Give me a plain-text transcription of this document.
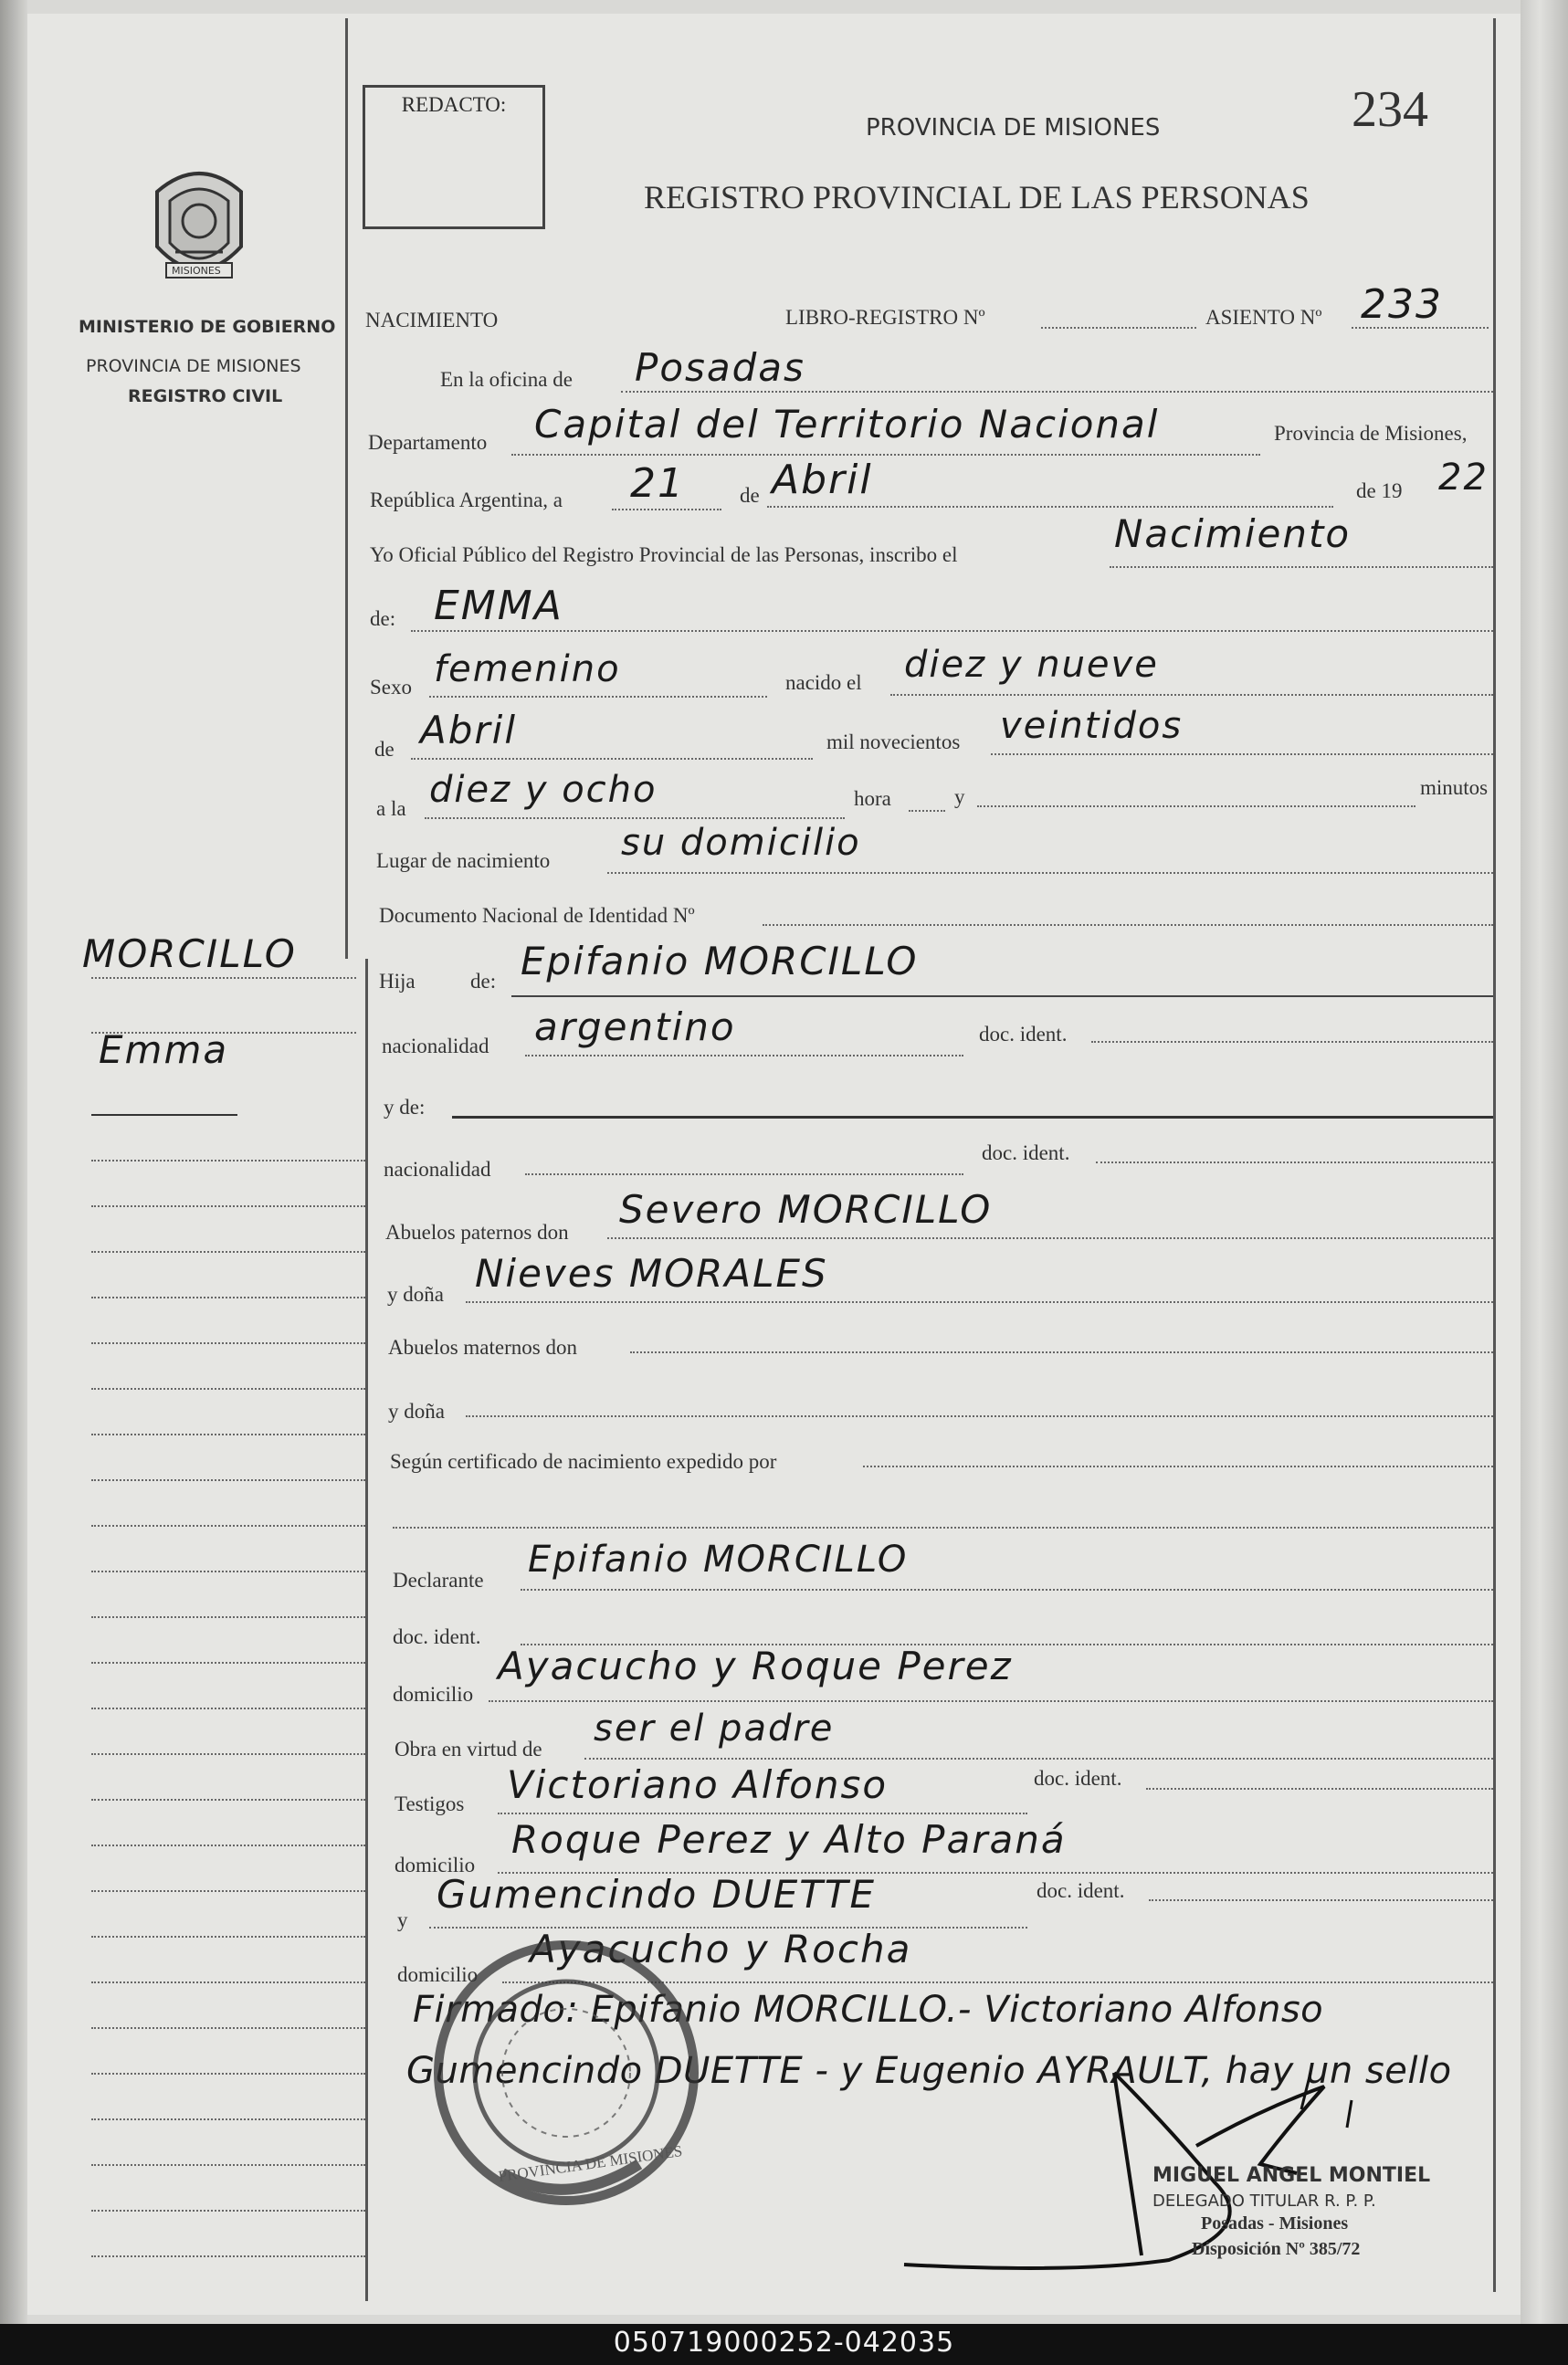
234
REDACTO:
PROVINCIA DE MISIONES
REGISTRO PROVINCIAL DE LAS PERSONAS
MISIONES
MINISTERIO DE GOBIERNO
PROVINCIA DE MISIONES
REGISTRO CIVIL
MORCILLO
Emma
NACIMIENTO	LIBRO-REGISTRO Nº	ASIENTO Nº 233
En la oficina de Posadas
Departamento Capital del Territorio Nacional	Provincia de Misiones,
República Argentina, a 21	de Abril	de 19 22
Yo Oficial Público del Registro Provincial de las Personas, inscribo el	Nacimiento
de: EMMA
Sexo femenino	nacido el diez y nueve
de Abril	mil novecientos veintidos
a la diez y ocho	hora	y	minutos
Lugar de nacimiento su domicilio
Documento Nacional de Identidad Nº
Hija	de: Epifanio MORCILLO
nacionalidad argentino	doc. ident.
y de:
nacionalidad
doc. ident.
Abuelos paternos don
Severo MORCILLO
y doña Nieves MORALES
Abuelos maternos don
y doña
Según certificado de nacimiento expedido por
Declarante Epifanio MORCILLO
doc. ident.
domicilio
Ayacucho y Roque Perez
Obra en virtud de ser el padre
Testigos Victoriano Alfonso	doc. ident.
domicilio
Roque Perez y Alto Paraná
y
Gumencindo DUETTE	doc. ident.
domicilio
Ayacucho y Rocha
Firmado: Epifanio MORCILLO.- Victoriano Alfonso
Gumencindo DUETTE - y Eugenio AYRAULT, hay un sello
PROVINCIA DE MISIONES	MIGUEL ANGEL MONTIEL
DELEGADO TITULAR R. P. P.
Posadas - Misiones
Disposición Nº 385/72
050719000252-042035
